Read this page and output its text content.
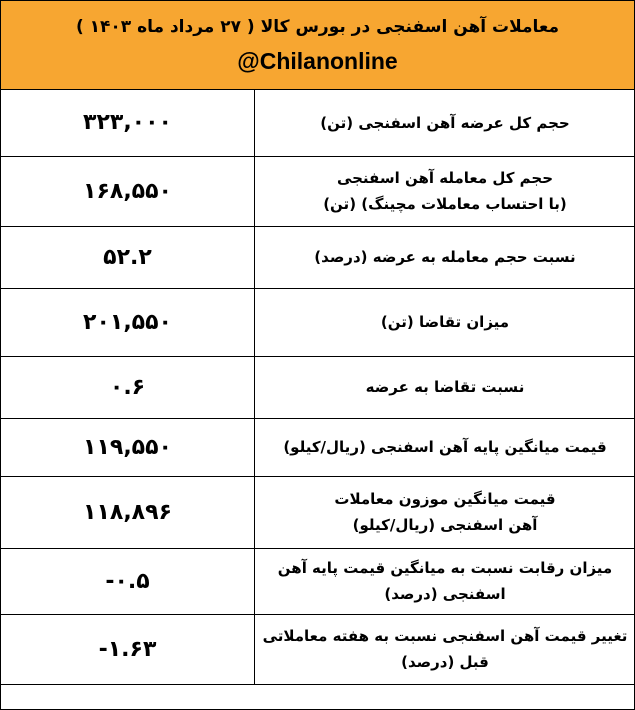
معاملات آهن اسفنجی در بورس کالا ( ۲۷ مرداد ماه ۱۴۰۳ )
@Chilanonline
۳۲۳,۰۰۰	حجم کل عرضه آهن اسفنجی (تن)

۱۶۸,۵۵۰	حجم کل معامله آهن اسفنجی
(با احتساب معاملات مچینگ) (تن)

۵۲.۲	نسبت حجم معامله به عرضه (درصد)

۲۰۱,۵۵۰	میزان تقاضا (تن)

۰.۶	نسبت تقاضا به عرضه

۱۱۹,۵۵۰	قیمت میانگین پایه آهن اسفنجی (ریال/کیلو)

۱۱۸,۸۹۶	قیمت میانگین موزون معاملات
آهن اسفنجی (ریال/کیلو)

-۰.۵	میزان رقابت نسبت به میانگین قیمت پایه آهن
اسفنجی (درصد)

-۱.۶۳	تغییر قیمت آهن اسفنجی نسبت به هفته معاملاتی
قبل (درصد)
